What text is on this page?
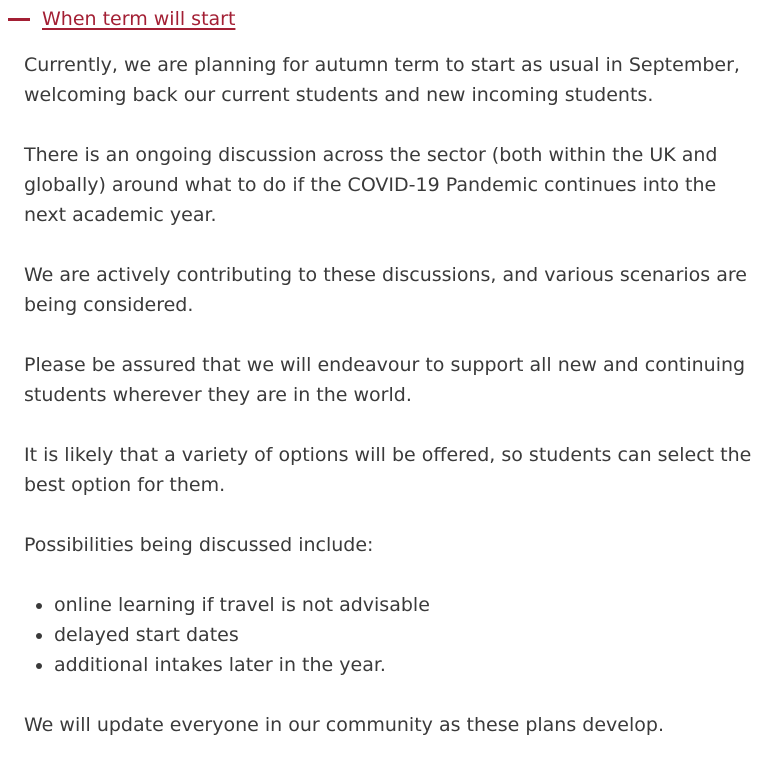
When term will start

Currently, we are planning for autumn term to start as usual in September, welcoming back our current students and new incoming students.

There is an ongoing discussion across the sector (both within the UK and globally) around what to do if the COVID-19 Pandemic continues into the next academic year.

We are actively contributing to these discussions, and various scenarios are being considered.

Please be assured that we will endeavour to support all new and continuing students wherever they are in the world.

It is likely that a variety of options will be offered, so students can select the best option for them.

Possibilities being discussed include:

• online learning if travel is not advisable
• delayed start dates
• additional intakes later in the year.

We will update everyone in our community as these plans develop.
